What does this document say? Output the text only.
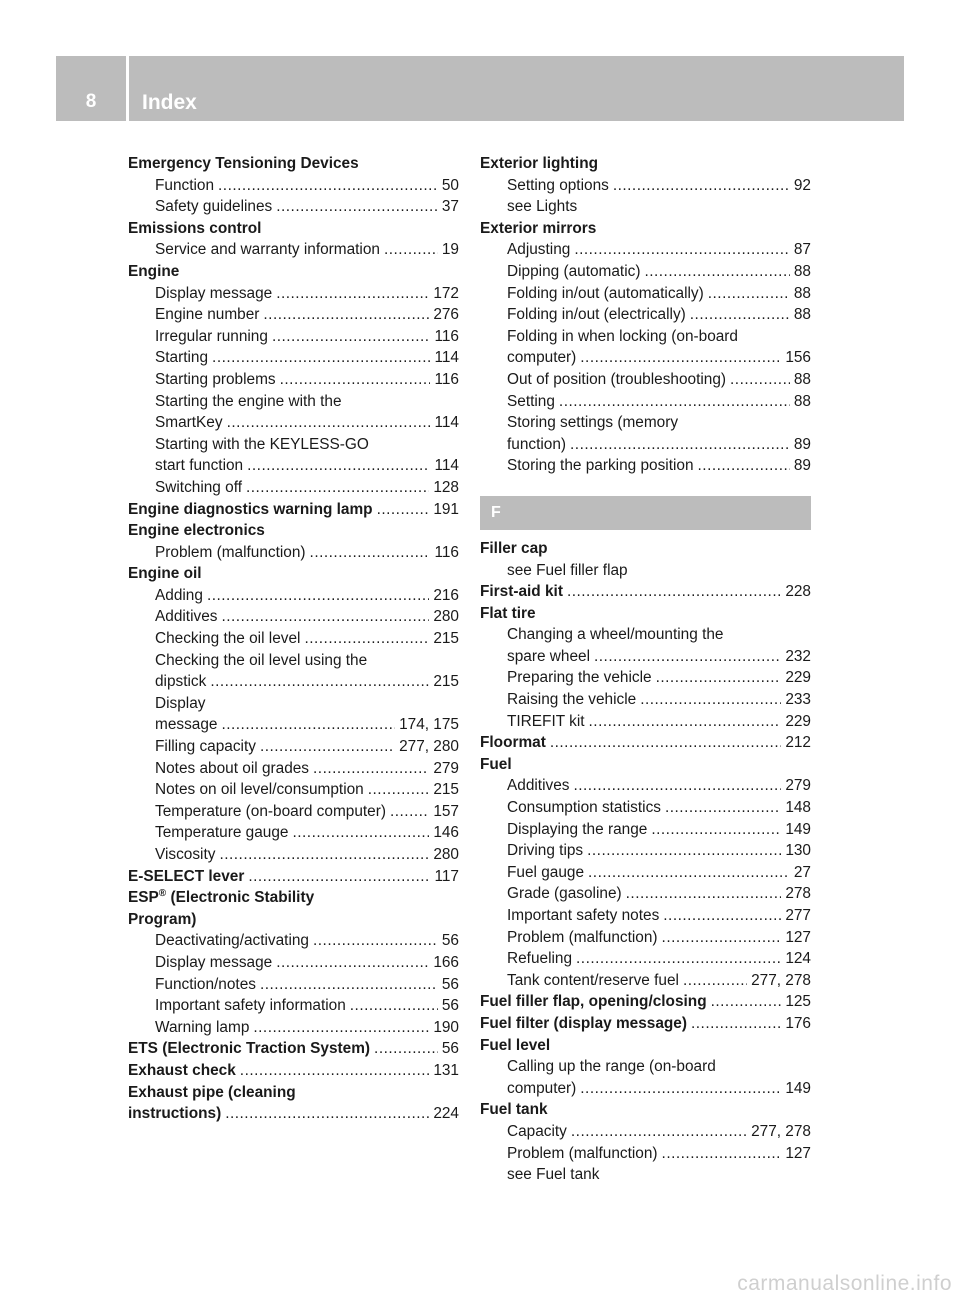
8	Index
Emergency Tensioning Devices
Function .....	50
Safety guidelines .....	37
Emissions control
Service and warranty information .....	19
Engine
Display message .....	172
Engine number .....	276
Irregular running .....	116
Starting .....	114
Starting problems .....	116
Starting the engine with the
SmartKey .....	114
Starting with the KEYLESS-GO
start function .....	114
Switching off .....	128
Engine diagnostics warning lamp .....	191
Engine electronics
Problem (malfunction) .....	116
Engine oil
Adding .....	216
Additives .....	280
Checking the oil level .....	215
Checking the oil level using the
dipstick .....	215
Display
message .....	174, 175
Filling capacity .....	277, 280
Notes about oil grades .....	279
Notes on oil level/consumption .....	215
Temperature (on-board computer) .....	157
Temperature gauge .....	146
Viscosity .....	280
E-SELECT lever .....	117
ESP® (Electronic Stability
Program)
Deactivating/activating .....	56
Display message .....	166
Function/notes .....	56
Important safety information .....	56
Warning lamp .....	190
ETS (Electronic Traction System) .....	56
Exhaust check .....	131
Exhaust pipe (cleaning
instructions) .....	224
Exterior lighting
Setting options .....	92
see Lights
Exterior mirrors
Adjusting .....	87
Dipping (automatic) .....	88
Folding in/out (automatically) .....	88
Folding in/out (electrically) .....	88
Folding in when locking (on-board
computer) .....	156
Out of position (troubleshooting) .....	88
Setting .....	88
Storing settings (memory
function) .....	89
Storing the parking position .....	89
F
Filler cap
see Fuel filler flap
First-aid kit .....	228
Flat tire
Changing a wheel/mounting the
spare wheel .....	232
Preparing the vehicle .....	229
Raising the vehicle .....	233
TIREFIT kit .....	229
Floormat .....	212
Fuel
Additives .....	279
Consumption statistics .....	148
Displaying the range .....	149
Driving tips .....	130
Fuel gauge .....	27
Grade (gasoline) .....	278
Important safety notes .....	277
Problem (malfunction) .....	127
Refueling .....	124
Tank content/reserve fuel .....	277, 278
Fuel filler flap, opening/closing .....	125
Fuel filter (display message) .....	176
Fuel level
Calling up the range (on-board
computer) .....	149
Fuel tank
Capacity .....	277, 278
Problem (malfunction) .....	127
see Fuel tank
carmanualsonline.info
